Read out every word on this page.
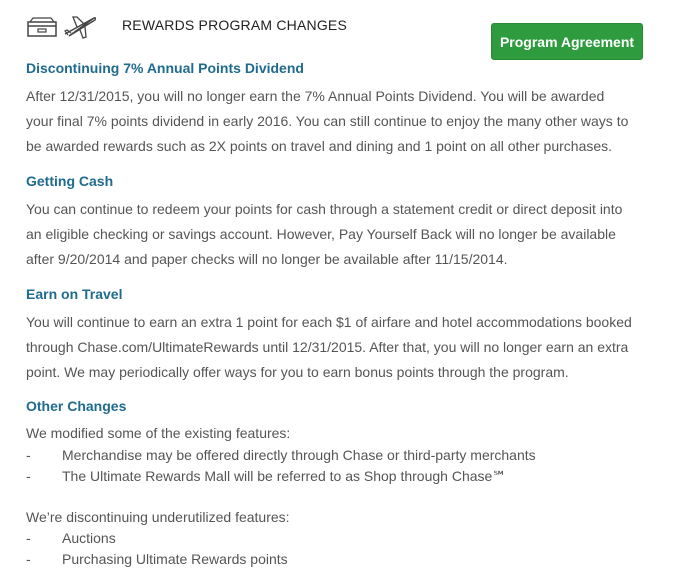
REWARDS PROGRAM CHANGES
Program Agreement
Discontinuing 7% Annual Points Dividend
After 12/31/2015, you will no longer earn the 7% Annual Points Dividend. You will be awarded
your final 7% points dividend in early 2016. You can still continue to enjoy the many other ways to
be awarded rewards such as 2X points on travel and dining and 1 point on all other purchases.
Getting Cash
You can continue to redeem your points for cash through a statement credit or direct deposit into
an eligible checking or savings account. However, Pay Yourself Back will no longer be available
after 9/20/2014 and paper checks will no longer be available after 11/15/2014.
Earn on Travel
You will continue to earn an extra 1 point for each $1 of airfare and hotel accommodations booked
through Chase.com/UltimateRewards until 12/31/2015. After that, you will no longer earn an extra
point. We may periodically offer ways for you to earn bonus points through the program.
Other Changes

We modified some of the existing features:

-	Merchandise may be offered directly through Chase or third-party merchants
-	The Ultimate Rewards Mall will be referred to as Shop through Chase℠

We’re discontinuing underutilized features:

-	Auctions
-	Purchasing Ultimate Rewards points
